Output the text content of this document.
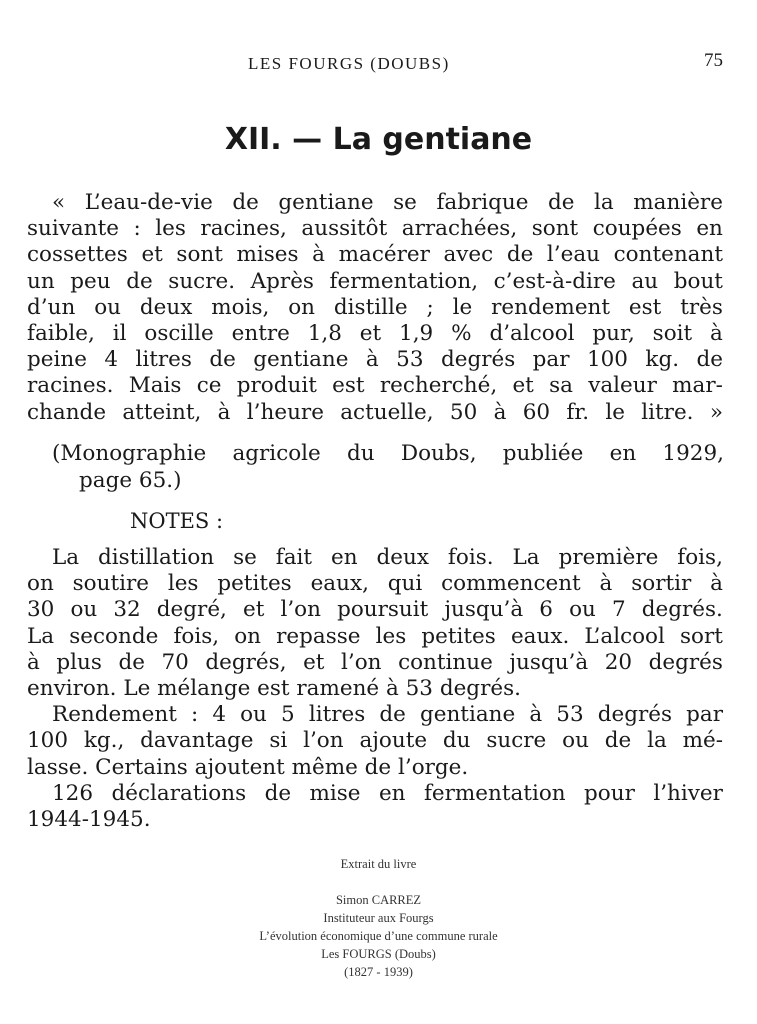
LES FOURGS (DOUBS)	75
XII. — La gentiane
« L’eau-de-vie de gentiane se fabrique de la manière
suivante : les racines, aussitôt arrachées, sont coupées en
cossettes et sont mises à macérer avec de l’eau contenant
un peu de sucre. Après fermentation, c’est-à-dire au bout
d’un ou deux mois, on distille ; le rendement est très
faible, il oscille entre 1,8 et 1,9 % d’alcool pur, soit à
peine 4 litres de gentiane à 53 degrés par 100 kg. de
racines. Mais ce produit est recherché, et sa valeur mar-
chande atteint, à l’heure actuelle, 50 à 60 fr. le litre. »
(Monographie agricole du Doubs, publiée en 1929,
page 65.)
NOTES :
La distillation se fait en deux fois. La première fois,
on soutire les petites eaux, qui commencent à sortir à
30 ou 32 degré, et l’on poursuit jusqu’à 6 ou 7 degrés.
La seconde fois, on repasse les petites eaux. L’alcool sort
à plus de 70 degrés, et l’on continue jusqu’à 20 degrés
environ. Le mélange est ramené à 53 degrés.
Rendement : 4 ou 5 litres de gentiane à 53 degrés par
100 kg., davantage si l’on ajoute du sucre ou de la mé-
lasse. Certains ajoutent même de l’orge.
126 déclarations de mise en fermentation pour l’hiver
1944-1945.
Extrait du livre
Simon CARREZ
Instituteur aux Fourgs
L’évolution économique d’une commune rurale
Les FOURGS (Doubs)
(1827 - 1939)
